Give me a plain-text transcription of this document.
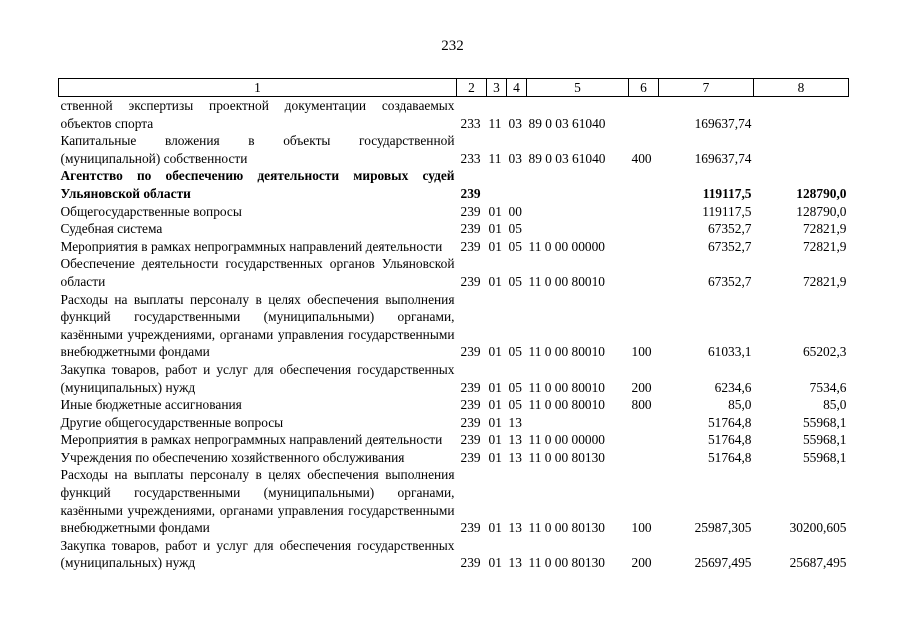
232
1	2	3	4	5	6	7	8
ственной экспертизы проектной документации создаваемых объектов спорта	233	11	03	89 0 03 61040		169637,74	
Капитальные вложения в объекты государственной (муниципальной) собственности	233	11	03	89 0 03 61040	400	169637,74	
Агентство по обеспечению деятельности мировых судей Ульяновской области	239					119117,5	128790,0
Общегосударственные вопросы	239	01	00			119117,5	128790,0
Судебная система	239	01	05			67352,7	72821,9
Мероприятия в рамках непрограммных направлений деятельности	239	01	05	11 0 00 00000		67352,7	72821,9
Обеспечение деятельности государственных органов Ульяновской области	239	01	05	11 0 00 80010		67352,7	72821,9
Расходы на выплаты персоналу в целях обеспечения выполнения функций государственными (муниципальными) органами, казёнными учреждениями, органами управления государственными внебюджетными фондами	239	01	05	11 0 00 80010	100	61033,1	65202,3
Закупка товаров, работ и услуг для обеспечения государственных (муниципальных) нужд	239	01	05	11 0 00 80010	200	6234,6	7534,6
Иные бюджетные ассигнования	239	01	05	11 0 00 80010	800	85,0	85,0
Другие общегосударственные вопросы	239	01	13			51764,8	55968,1
Мероприятия в рамках непрограммных направлений деятельности	239	01	13	11 0 00 00000		51764,8	55968,1
Учреждения по обеспечению хозяйственного обслуживания	239	01	13	11 0 00 80130		51764,8	55968,1
Расходы на выплаты персоналу в целях обеспечения выполнения функций государственными (муниципальными) органами, казёнными учреждениями, органами управления государственными внебюджетными фондами	239	01	13	11 0 00 80130	100	25987,305	30200,605
Закупка товаров, работ и услуг для обеспечения государственных (муниципальных) нужд	239	01	13	11 0 00 80130	200	25697,495	25687,495
